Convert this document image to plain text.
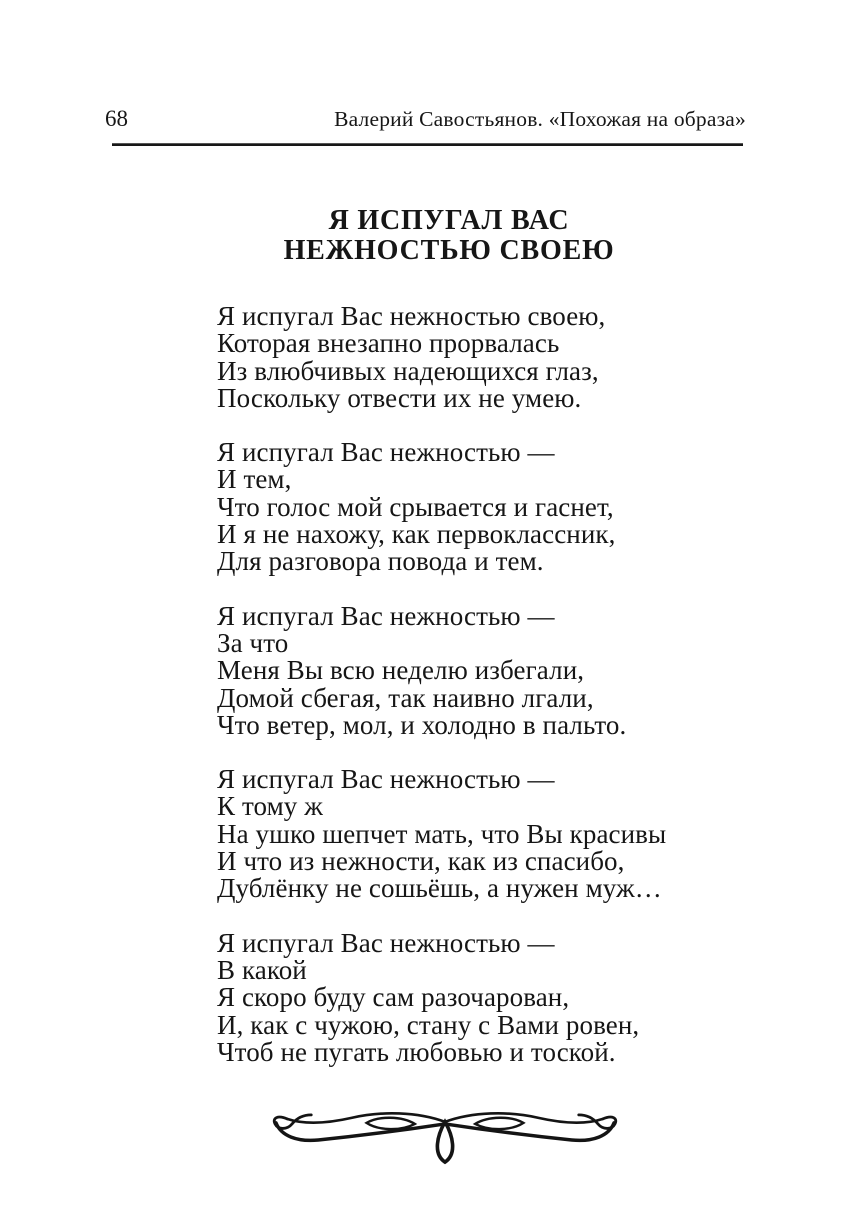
68	Валерий Савостьянов. «Похожая на образа»
Я ИСПУГАЛ ВАС
НЕЖНОСТЬЮ СВОЕЮ
Я испугал Вас нежностью своею,
Которая внезапно прорвалась
Из влюбчивых надеющихся глаз,
Поскольку отвести их не умею.
Я испугал Вас нежностью —
И тем,
Что голос мой срывается и гаснет,
И я не нахожу, как первоклассник,
Для разговора повода и тем.
Я испугал Вас нежностью —
За что
Меня Вы всю неделю избегали,
Домой сбегая, так наивно лгали,
Что ветер, мол, и холодно в пальто.
Я испугал Вас нежностью —
К тому ж
На ушко шепчет мать, что Вы красивы
И что из нежности, как из спасибо,
Дублёнку не сошьёшь, а нужен муж…
Я испугал Вас нежностью —
В какой
Я скоро буду сам разочарован,
И, как с чужою, стану с Вами ровен,
Чтоб не пугать любовью и тоской.
